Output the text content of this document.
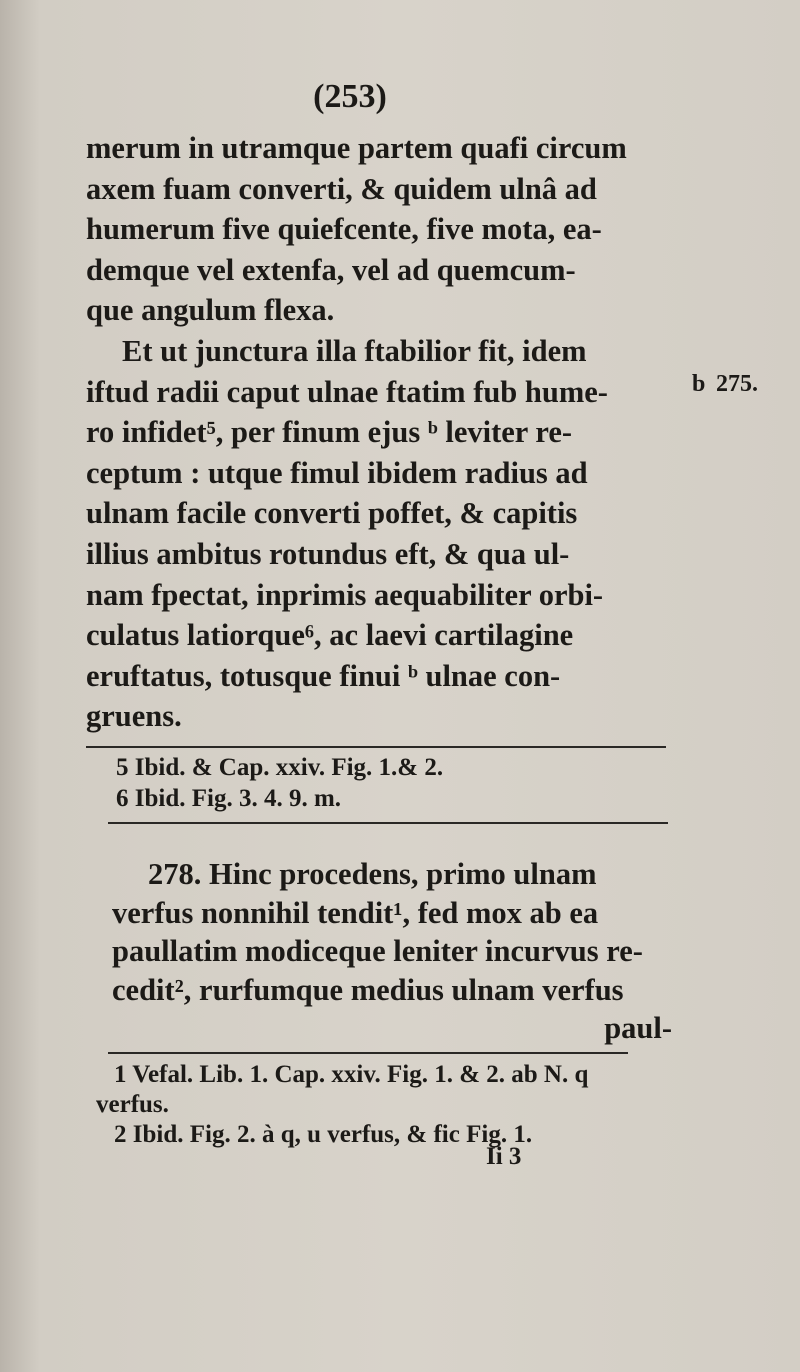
(253)
merum in utramque partem quafi circum
axem fuam converti, & quidem ulnâ ad
humerum five quiefcente, five mota, ea-
demque vel extenfa, vel ad quemcum-
que angulum flexa.
Et ut junctura illa ftabilior fit, idem
iftud radii caput ulnae ftatim fub hume-
ro infidet⁵, per finum ejus ᵇ leviter re-
ceptum : utque fimul ibidem radius ad
ulnam facile converti poffet, & capitis
illius ambitus rotundus eft, & qua ul-
nam fpectat, inprimis aequabiliter orbi-
culatus latiorque⁶, ac laevi cartilagine
eruftatus, totusque finui ᵇ ulnae con-
gruens.
b 275.
5 Ibid. & Cap. xxiv. Fig. 1.& 2.
6 Ibid. Fig. 3. 4. 9. m.
278. Hinc procedens, primo ulnam
verfus nonnihil tendit¹, fed mox ab ea
paullatim modiceque leniter incurvus re-
cedit², rurfumque medius ulnam verfus
paul-
1 Vefal. Lib. 1. Cap. xxiv. Fig. 1. & 2. ab N. q
verfus.
2 Ibid. Fig. 2. à q, u verfus, & fic Fig. 1.
Ii 3
